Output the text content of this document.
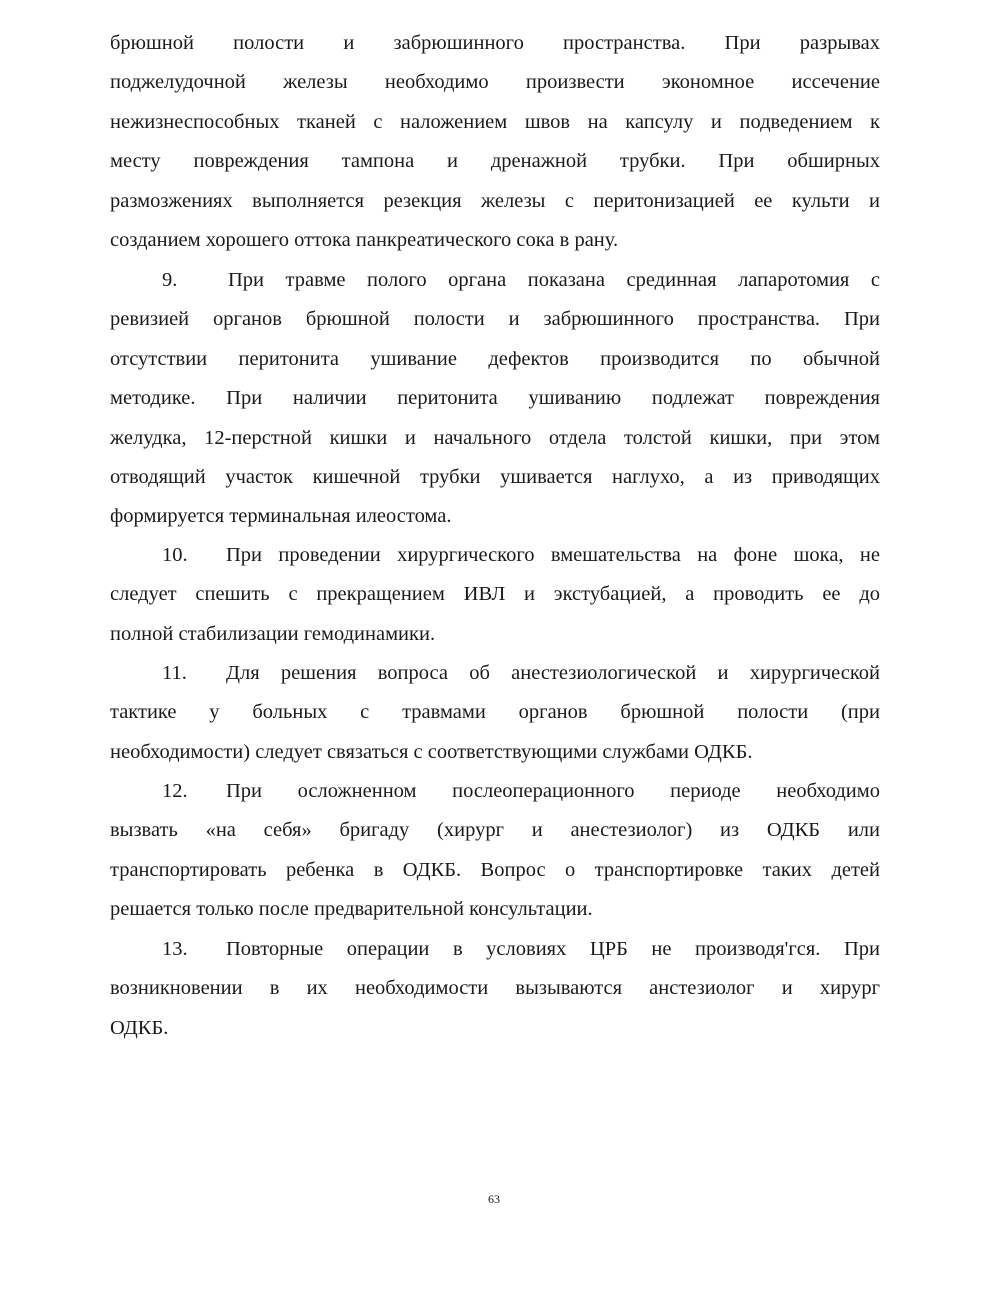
брюшной полости и забрюшинного пространства. При разрывах
поджелудочной железы необходимо произвести экономное иссечение
нежизнеспособных тканей с наложением швов на капсулу и подведением к
месту повреждения тампона и дренажной трубки. При обширных
размозжениях выполняется резекция железы с перитонизацией ее культи и
созданием хорошего оттока панкреатического сока в рану.
9. При травме полого органа показана срединная лапаротомия с
ревизией органов брюшной полости и забрюшинного пространства. При
отсутствии перитонита ушивание дефектов производится по обычной
методике. При наличии перитонита ушиванию подлежат повреждения
желудка, 12-перстной кишки и начального отдела толстой кишки, при этом
отводящий участок кишечной трубки ушивается наглухо, а из приводящих
формируется терминальная илеостома.
10. При проведении хирургического вмешательства на фоне шока, не
следует спешить с прекращением ИВЛ и экстубацией, а проводить ее до
полной стабилизации гемодинамики.
11. Для решения вопроса об анестезиологической и хирургической
тактике у больных с травмами органов брюшной полости (при
необходимости) следует связаться с соответствующими службами ОДКБ.
12. При осложненном послеоперационного периоде необходимо
вызвать «на себя» бригаду (хирург и анестезиолог) из ОДКБ или
транспортировать ребенка в ОДКБ. Вопрос о транспортировке таких детей
решается только после предварительной консультации.
13. Повторные операции в условиях ЦРБ не производя'гся. При
возникновении в их необходимости вызываются анстезиолог и хирург
ОДКБ.
63
